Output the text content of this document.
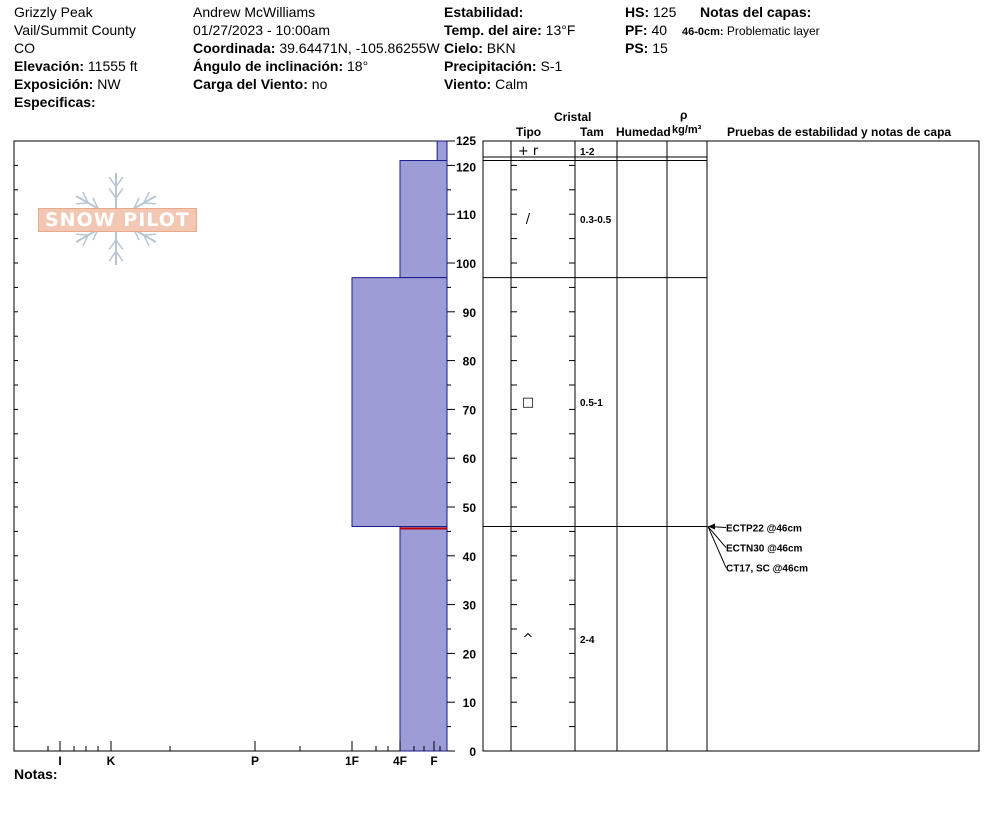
Grizzly Peak
Vail/Summit County
CO
Elevación: 11555 ft
Exposición: NW
Especificas:
Andrew McWilliams
01/27/2023 - 10:00am
Coordinada: 39.64471N, -105.86255W
Ángulo de inclinación: 18°
Carga del Viento: no
Estabilidad:
Temp. del aire: 13°F
Cielo: BKN
Precipitación: S-1
Viento: Calm
HS: 125
PF: 40
PS: 15
Notas del capas:
46-0cm: Problematic layer
Cristal
Tipo	Tam Humedad
ρ
kg/m³ Pruebas de estabilidad y notas de capa
I	K	P	1F	4F F
0
10
20
30
40
50
60
70
80
90
100
110
120
125
+ r	1-2
/	0.3-0.5
□	0.5-1
^	2-4
ECTP22 @46cm
ECTN30 @46cm
CT17, SC @46cm
SNOW PILOT
Notas:
